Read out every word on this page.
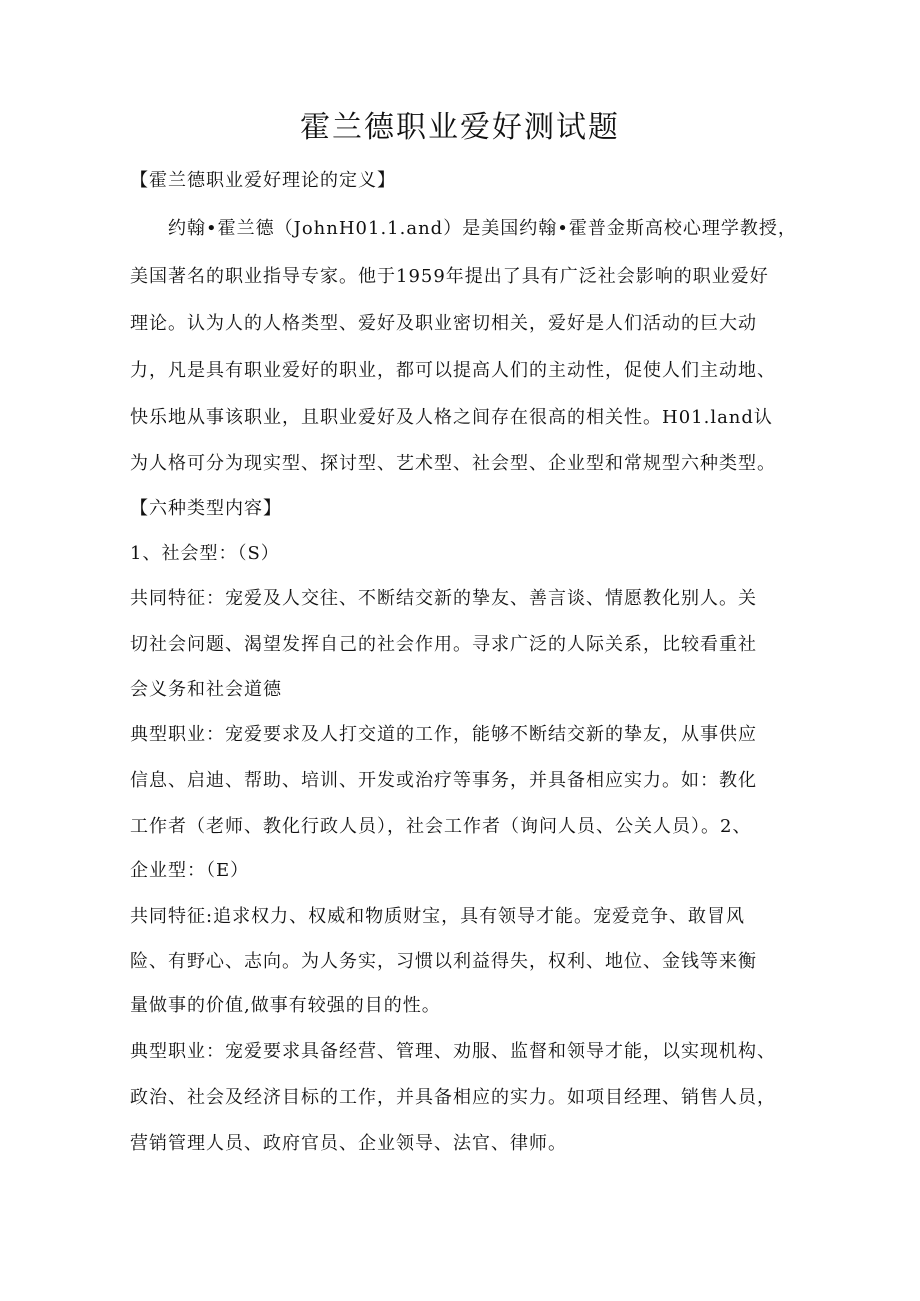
霍兰德职业爱好测试题
【霍兰德职业爱好理论的定义】
约翰•霍兰德（JohnH01.1.and）是美国约翰•霍普金斯高校心理学教授，
美国著名的职业指导专家。他于1959年提出了具有广泛社会影响的职业爱好
理论。认为人的人格类型、爱好及职业密切相关，爱好是人们活动的巨大动
力，凡是具有职业爱好的职业，都可以提高人们的主动性，促使人们主动地、
快乐地从事该职业，且职业爱好及人格之间存在很高的相关性。H01.land认
为人格可分为现实型、探讨型、艺术型、社会型、企业型和常规型六种类型。
【六种类型内容】
1、社会型：（S）
共同特征：宠爱及人交往、不断结交新的挚友、善言谈、情愿教化别人。关
切社会问题、渴望发挥自己的社会作用。寻求广泛的人际关系，比较看重社
会义务和社会道德
典型职业：宠爱要求及人打交道的工作，能够不断结交新的挚友，从事供应
信息、启迪、帮助、培训、开发或治疗等事务，并具备相应实力。如：教化
工作者（老师、教化行政人员），社会工作者（询问人员、公关人员）。2、
企业型：（E）
共同特征:追求权力、权威和物质财宝，具有领导才能。宠爱竞争、敢冒风
险、有野心、志向。为人务实，习惯以利益得失，权利、地位、金钱等来衡
量做事的价值,做事有较强的目的性。
典型职业：宠爱要求具备经营、管理、劝服、监督和领导才能，以实现机构、
政治、社会及经济目标的工作，并具备相应的实力。如项目经理、销售人员，
营销管理人员、政府官员、企业领导、法官、律师。
